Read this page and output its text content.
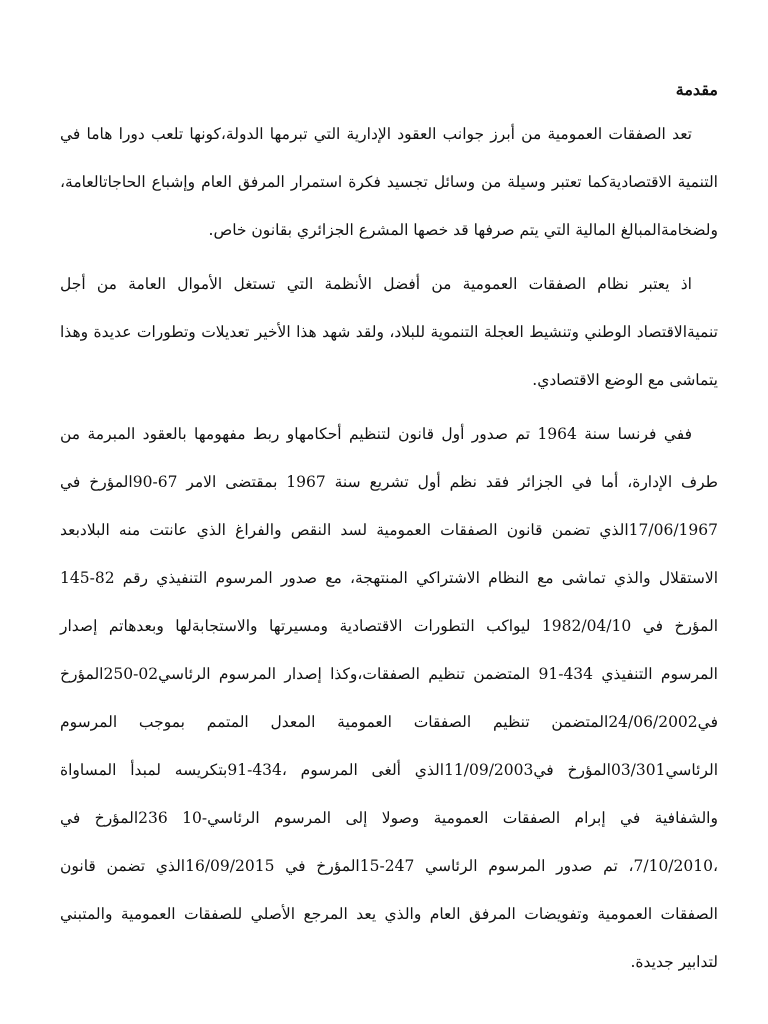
مقدمة

تعد الصفقات العمومية من أبرز جوانب العقود الإدارية التي تبرمها الدولة،كونها تلعب دورا هاما في التنمية الاقتصاديةكما تعتبر وسيلة من وسائل تجسيد فكرة استمرار المرفق العام وإشباع الحاجاتالعامة، ولضخامةالمبالغ المالية التي يتم صرفها قد خصها المشرع الجزائري بقانون خاص.

اذ يعتبر نظام الصفقات العمومية من أفضل الأنظمة التي تستغل الأموال العامة من أجل تنميةالاقتصاد الوطني وتنشيط العجلة التنموية للبلاد، ولقد شهد هذا الأخير تعديلات وتطورات عديدة وهذا يتماشى مع الوضع الاقتصادي.

ففي فرنسا سنة 1964 تم صدور أول قانون لتنظيم أحكامهاو ربط مفهومها بالعقود المبرمة من طرف الإدارة، أما في الجزائر فقد نظم أول تشريع سنة 1967 بمقتضى الامر 67-90المؤرخ في 17/06/1967الذي تضمن قانون الصفقات العمومية لسد النقص والفراغ الذي عانتت منه البلادبعد الاستقلال والذي تماشى مع النظام الاشتراكي المنتهجة، مع صدور المرسوم التنفيذي رقم 82-145 المؤرخ في 1982/04/10 ليواكب التطورات الاقتصادية ومسيرتها والاستجابةلها وبعدهاتم إصدار المرسوم التنفيذي 434-91 المتضمن تنظيم الصفقات،وكذا إصدار المرسوم الرئاسي02-250المؤرخ في24/06/2002المتضمن تنظيم الصفقات العمومية المعدل المتمم بموجب المرسوم الرئاسي03/301المؤرخ في11/09/2003الذي ألغى المرسوم ،434-91بتكريسه لمبدأ المساواة والشفافية في إبرام الصفقات العمومية وصولا إلى المرسوم الرئاسي-10 236المؤرخ في ،7/10/2010، تم صدور المرسوم الرئاسي 247-15المؤرخ في 16/09/2015الذي تضمن قانون الصفقات العمومية وتفويضات المرفق العام والذي يعد المرجع الأصلي للصفقات العمومية والمتبني لتدابير جديدة.
